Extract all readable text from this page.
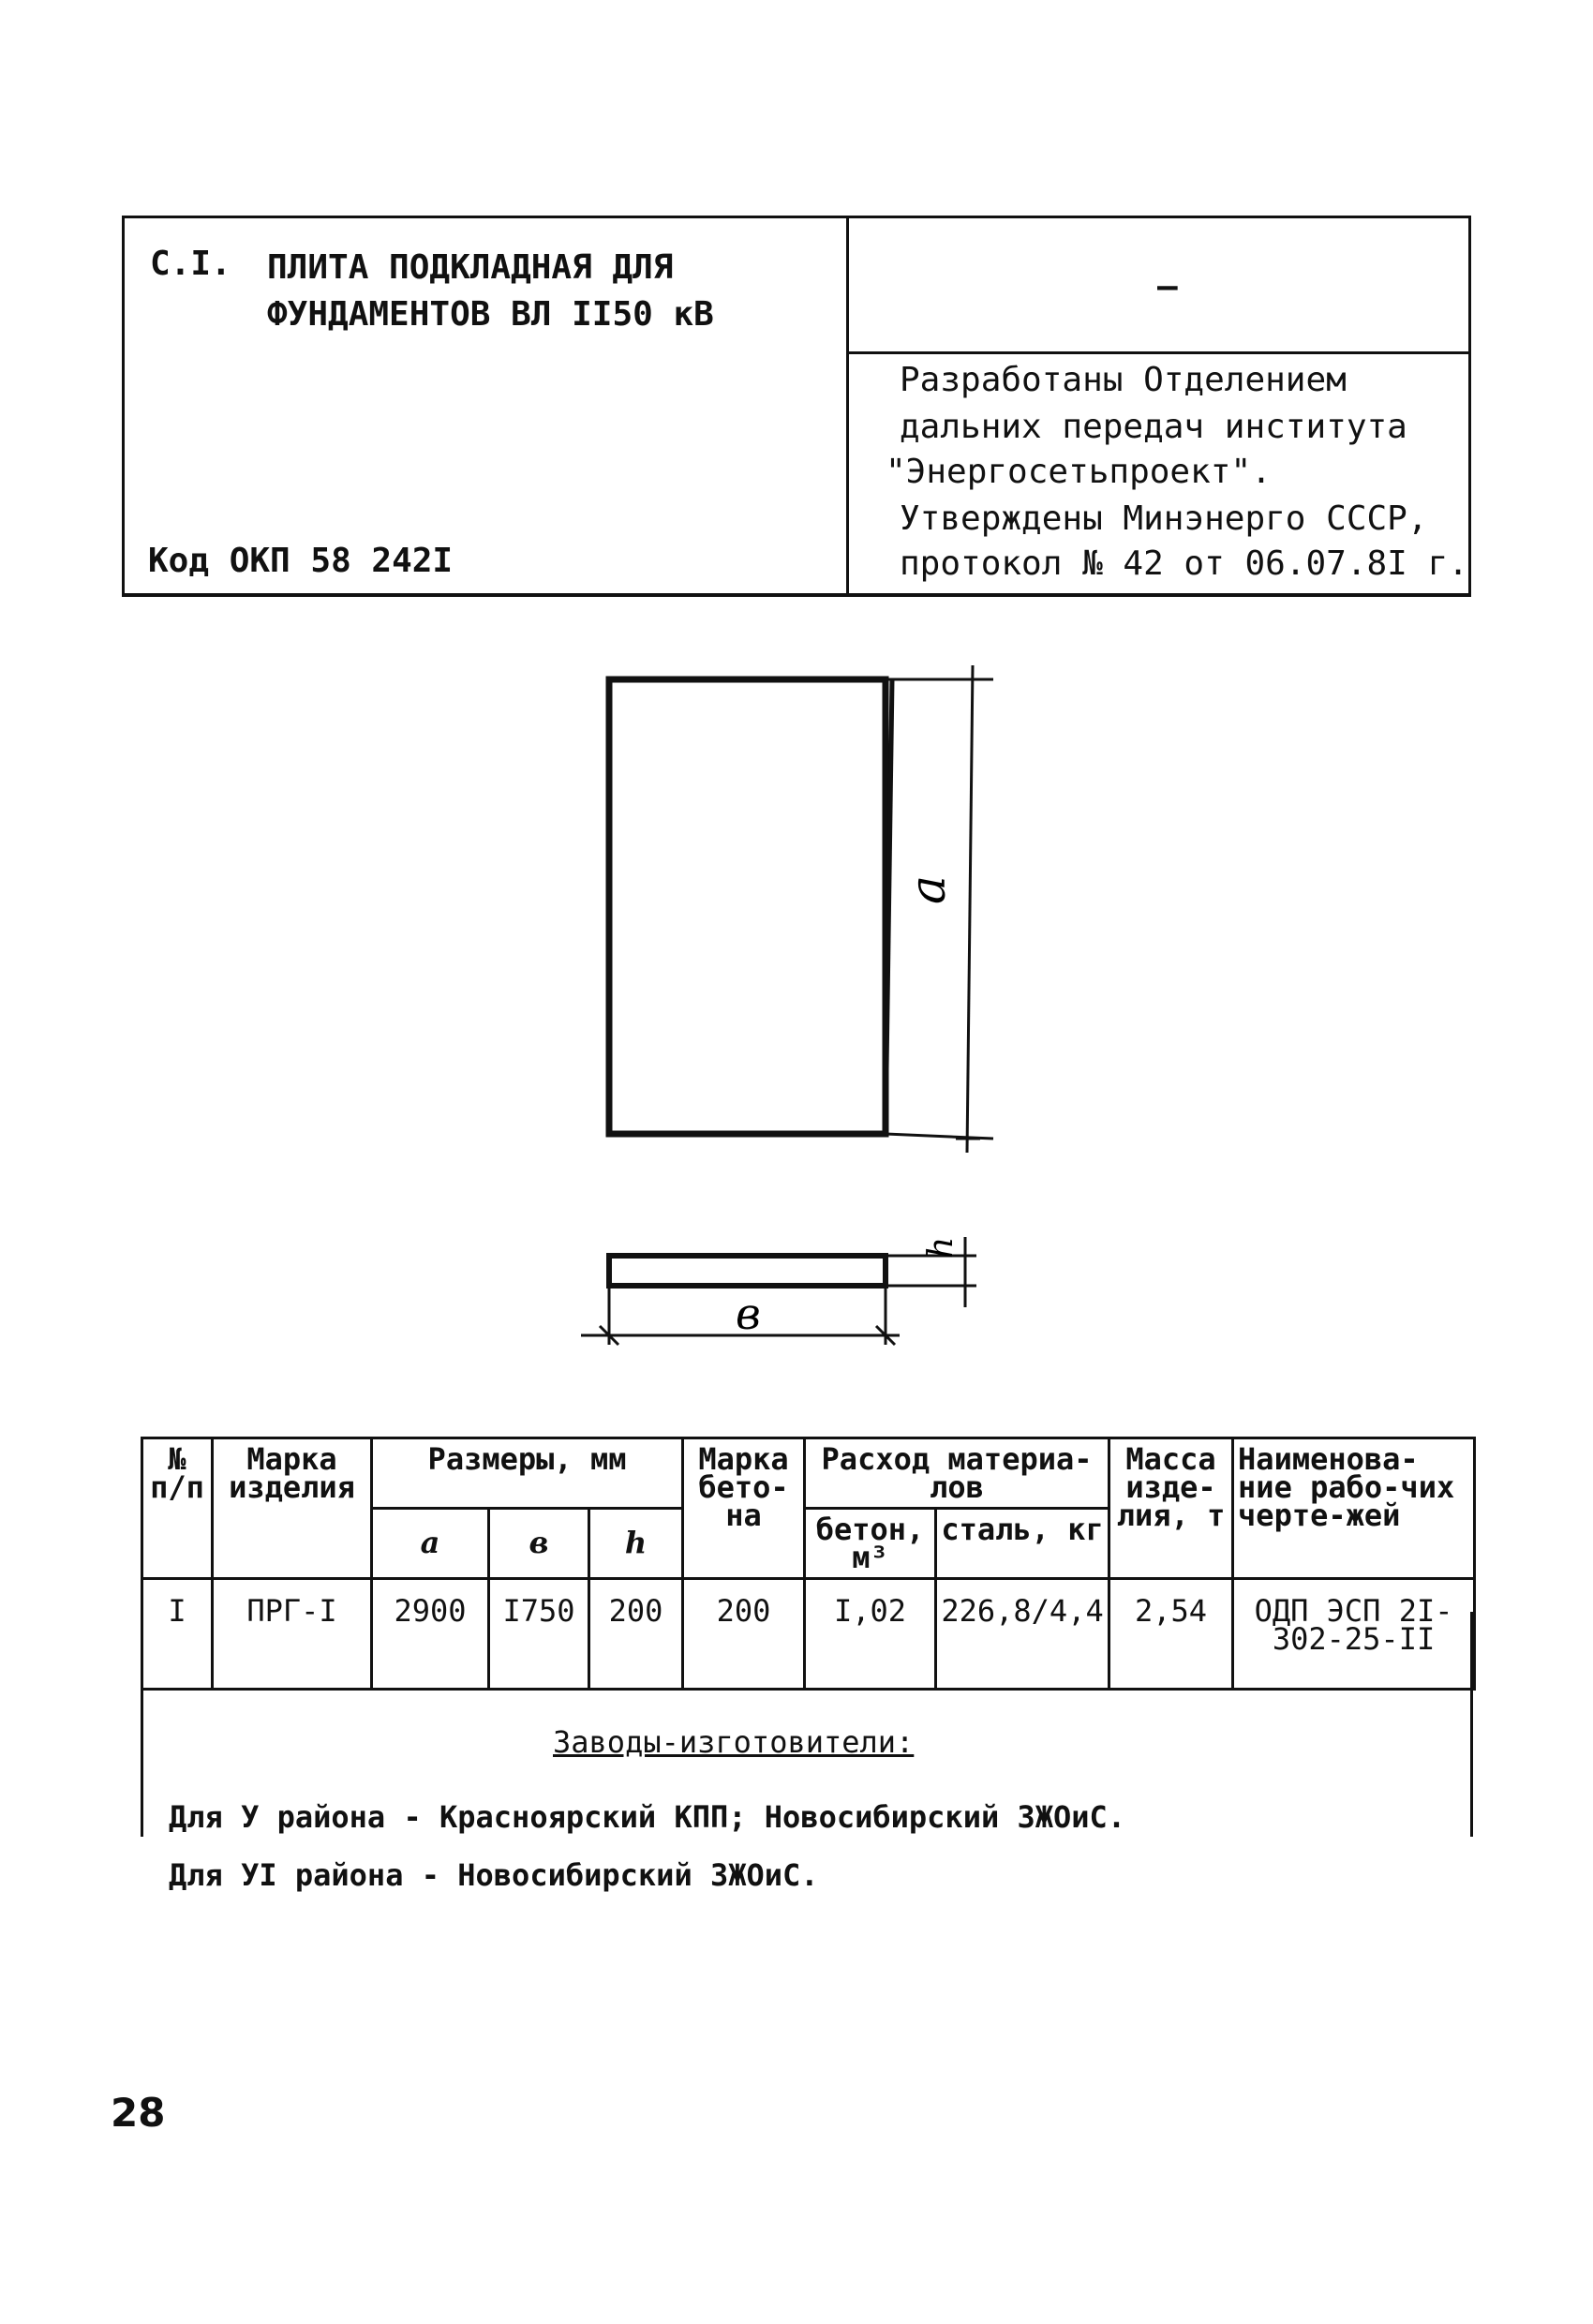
С.I. ПЛИТА ПОДКЛАДНАЯ ДЛЯ
ФУНДАМЕНТОВ ВЛ II50 кВ
Код ОКП 58 242I
—
Разработаны Отделением
дальних передач института
"Энергосетьпроект".
Утверждены Минэнерго СССР,
протокол № 42 от 06.07.8I г.
a
h
в
№ п/п	Марка изделия	Размеры, мм			Марка бето-на	Расход материа-лов		Масса изде-лия, т	Наименова-ние рабо-чих черте-жей
		a	в	h		бетон, м³	сталь, кг		
I	ПРГ-I	2900	I750	200	200	I,02	226,8/4,4	2,54	ОДП ЭСП 2I-302-25-II
Заводы-изготовители:
Для У района - Красноярский КПП; Новосибирский ЗЖОиС.
Для УI района - Новосибирский ЗЖОиС.
28
